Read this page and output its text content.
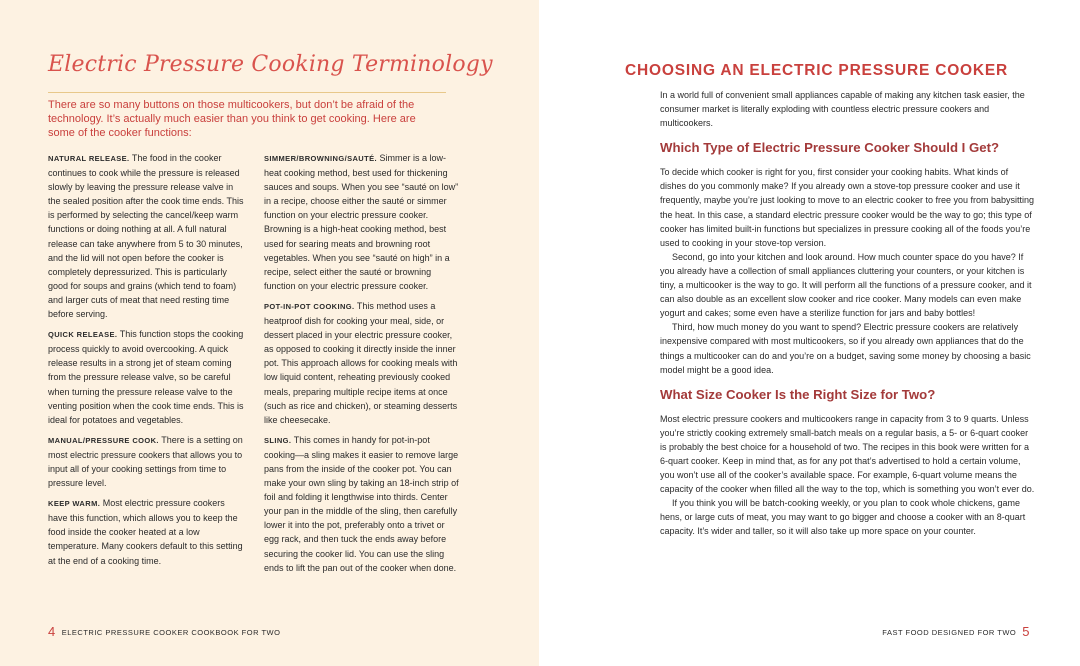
Electric Pressure Cooking Terminology

There are so many buttons on those multicookers, but don’t be afraid of the technology. It’s actually much easier than you think to get cooking. Here are some of the cooker functions:

NATURAL RELEASE. The food in the cooker continues to cook while the pressure is released slowly by leaving the pressure release valve in the sealed position after the cook time ends. This is performed by selecting the cancel/keep warm functions or doing nothing at all. A full natural release can take anywhere from 5 to 30 minutes, and the lid will not open before the cooker is completely depressurized. This is particularly good for soups and grains (which tend to foam) and larger cuts of meat that need resting time before serving.

QUICK RELEASE. This function stops the cooking process quickly to avoid overcooking. A quick release results in a strong jet of steam coming from the pressure release valve, so be careful when turning the pressure release valve to the venting position when the cook time ends. This is ideal for potatoes and vegetables.

MANUAL/PRESSURE COOK. There is a setting on most electric pressure cookers that allows you to input all of your cooking settings from time to pressure level.

KEEP WARM. Most electric pressure cookers have this function, which allows you to keep the food inside the cooker heated at a low temperature. Many cookers default to this setting at the end of a cooking time.

SIMMER/BROWNING/SAUTÉ. Simmer is a low-heat cooking method, best used for thickening sauces and soups. When you see “sauté on low” in a recipe, choose either the sauté or simmer function on your electric pressure cooker. Browning is a high-heat cooking method, best used for searing meats and browning root vegetables. When you see “sauté on high” in a recipe, select either the sauté or browning function on your electric pressure cooker.

POT-IN-POT COOKING. This method uses a heatproof dish for cooking your meal, side, or dessert placed in your electric pressure cooker, as opposed to cooking it directly inside the inner pot. This approach allows for cooking meals with low liquid content, reheating previously cooked meals, preparing multiple recipe items at once (such as rice and chicken), or steaming desserts like cheesecake.

SLING. This comes in handy for pot-in-pot cooking—a sling makes it easier to remove large pans from the inside of the cooker pot. You can make your own sling by taking an 18-inch strip of foil and folding it lengthwise into thirds. Center your pan in the middle of the sling, then carefully lower it into the pot, preferably onto a trivet or egg rack, and then tuck the ends away before securing the cooker lid. You can use the sling ends to lift the pan out of the cooker when done.

4 ELECTRIC PRESSURE COOKER COOKBOOK FOR TWO
CHOOSING AN ELECTRIC PRESSURE COOKER

In a world full of convenient small appliances capable of making any kitchen task easier, the consumer market is literally exploding with countless electric pressure cookers and multicookers.

Which Type of Electric Pressure Cooker Should I Get?

To decide which cooker is right for you, first consider your cooking habits. What kinds of dishes do you commonly make? If you already own a stove-top pressure cooker and use it frequently, maybe you’re just looking to move to an electric cooker to free you from babysitting the heat. In this case, a standard electric pressure cooker would be the way to go; this type of cooker has limited built-in functions but specializes in pressure cooking all of the foods you’re used to cooking in your stove-top version.

Second, go into your kitchen and look around. How much counter space do you have? If you already have a collection of small appliances cluttering your counters, or your kitchen is tiny, a multicooker is the way to go. It will perform all the functions of a pressure cooker, and it can also double as an excellent slow cooker and rice cooker. Many models can even make yogurt and cakes; some even have a sterilize function for jars and baby bottles!

Third, how much money do you want to spend? Electric pressure cookers are relatively inexpensive compared with most multicookers, so if you already own appliances that do the things a multicooker can do and you’re on a budget, saving some money by choosing a basic model might be a good idea.

What Size Cooker Is the Right Size for Two?

Most electric pressure cookers and multicookers range in capacity from 3 to 9 quarts. Unless you’re strictly cooking extremely small-batch meals on a regular basis, a 5- or 6-quart cooker is probably the best choice for a household of two. The recipes in this book were written for a 6-quart cooker. Keep in mind that, as for any pot that’s advertised to hold a certain volume, you won’t use all of the cooker’s available space. For example, 6-quart volume means the capacity of the cooker when filled all the way to the top, which is something you won’t ever do.

If you think you will be batch-cooking weekly, or you plan to cook whole chickens, game hens, or large cuts of meat, you may want to go bigger and choose a cooker with an 8-quart capacity. It’s wider and taller, so it will also take up more space on your counter.

FAST FOOD DESIGNED FOR TWO 5
